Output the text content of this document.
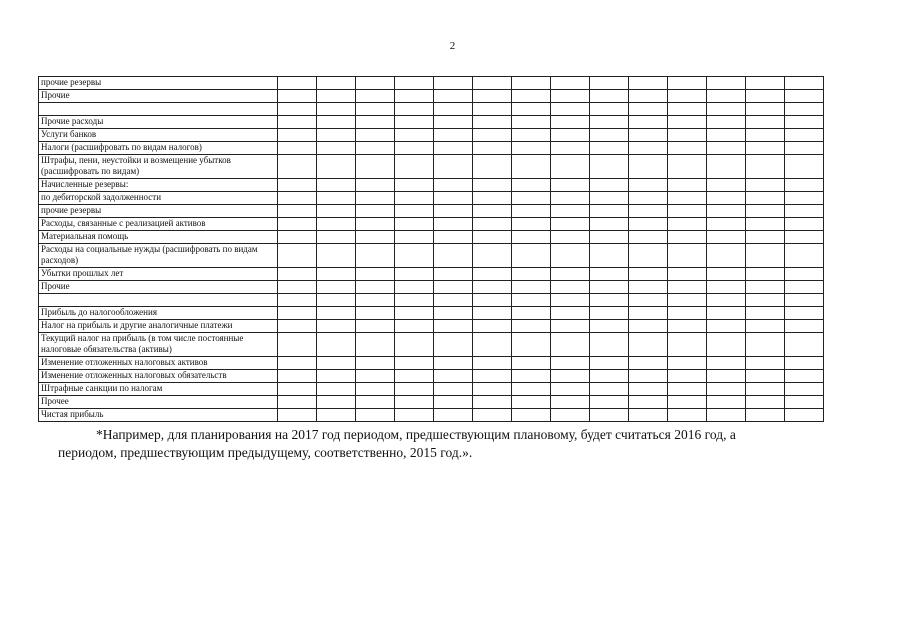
2
прочие резервы														
Прочие														

Прочие расходы														
Услуги банков														
Налоги (расшифровать по видам налогов)														
Штрафы, пени, неустойки и возмещение убытков (расшифровать по видам)														
Начисленные резервы:														
по дебиторской задолженности														
прочие резервы														
Расходы, связанные с реализацией активов														
Материальная помощь														
Расходы на социальные нужды (расшифровать по видам расходов)														
Убытки прошлых лет														
Прочие														

Прибыль до налогообложения														
Налог на прибыль и другие аналогичные платежи														
Текущий налог на прибыль (в том числе постоянные налоговые обязательства (активы)														
Изменение отложенных налоговых активов														
Изменение отложенных налоговых обязательств														
Штрафные санкции по налогам														
Прочее														
Чистая прибыль														
*Например, для планирования на 2017 год периодом, предшествующим плановому, будет считаться 2016 год, а
периодом, предшествующим предыдущему, соответственно, 2015 год.».
